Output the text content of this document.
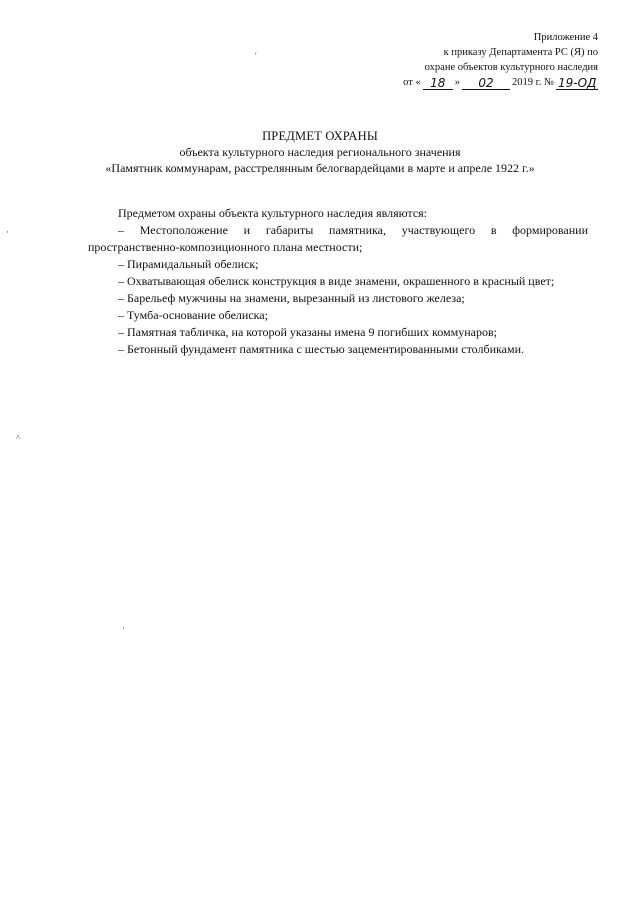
Приложение 4
к приказу Департамента РС (Я) по
охране объектов культурного наследия
от « 18 »	02	2019 г. № 19-ОД
ПРЕДМЕТ ОХРАНЫ
объекта культурного наследия регионального значения
«Памятник коммунарам, расстрелянным белогвардейцами в марте и апреле 1922 г.»

Предметом охраны объекта культурного наследия являются:

– Местоположение и габариты памятника, участвующего в формировании пространственно-композиционного плана местности;

– Пирамидальный обелиск;

– Охватывающая обелиск конструкция в виде знамени, окрашенного в красный цвет;

– Барельеф мужчины на знамени, вырезанный из листового железа;

– Тумба-основание обелиска;

– Памятная табличка, на которой указаны имена 9 погибших коммунаров;

– Бетонный фундамент памятника с шестью зацементированными столбиками.

'
·
^
·
